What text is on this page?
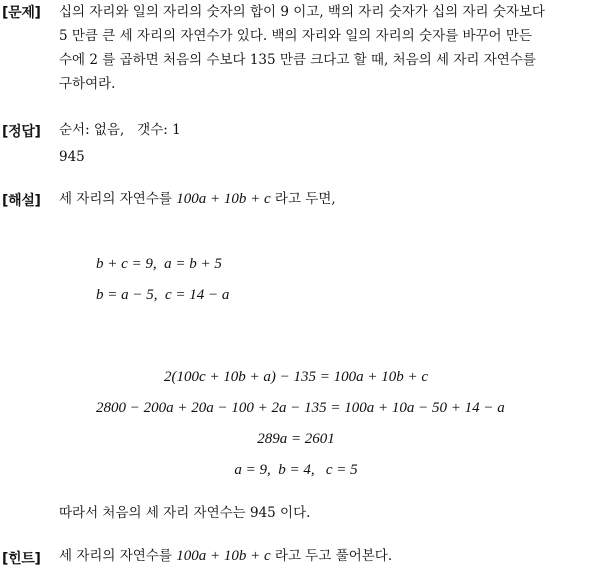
[문제] 십의 자리와 일의 자리의 숫자의 합이 9 이고, 백의 자리 숫자가 십의 자리 숫자보다
5 만큼 큰 세 자리의 자연수가 있다. 백의 자리와 일의 자리의 숫자를 바꾸어 만든
수에 2 를 곱하면 처음의 수보다 135 만큼 크다고 할 때, 처음의 세 자리 자연수를
구하여라.
[정답] 순서: 없음,   갯수: 1
945
[해설] 세 자리의 자연수를 100a + 10b + c 라고 두면,
b + c = 9,  a = b + 5
b = a − 5,  c = 14 − a
2(100c + 10b + a) − 135 = 100a + 10b + c
2800 − 200a + 20a − 100 + 2a − 135 = 100a + 10a − 50 + 14 − a
289a = 2601
a = 9,  b = 4,   c = 5
따라서 처음의 세 자리 자연수는 945 이다.
[힌트] 세 자리의 자연수를 100a + 10b + c 라고 두고 풀어본다.
